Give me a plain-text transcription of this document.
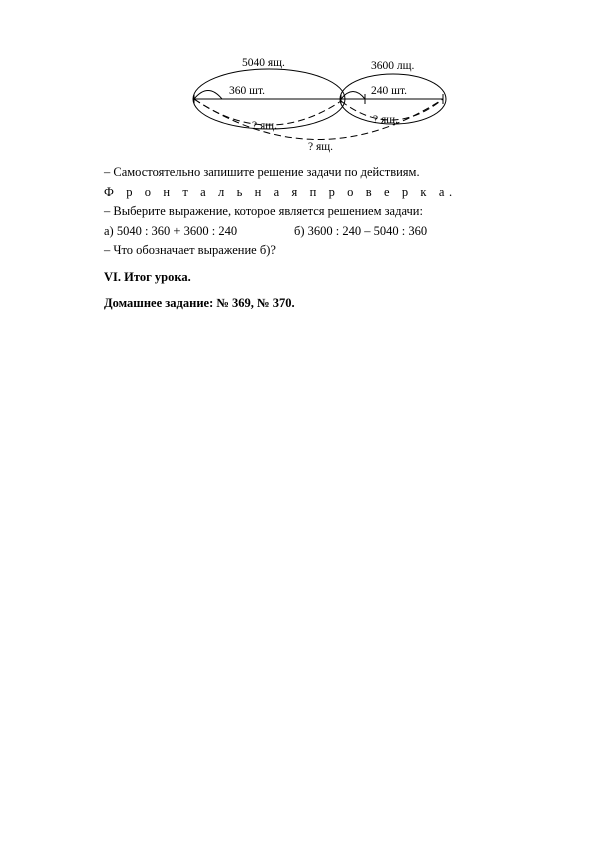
5040 ящ.	3600 лщ.
360 шт.	240 шт.
? ящ.	? ящ.
? ящ.
– Самостоятельно запишите решение задачи по действиям.
Ф р о н т а л ь н а я п р о в е р к а.
– Выберите выражение, которое является решением задачи:
а) 5040 : 360 + 3600 : 240	б) 3600 : 240 – 5040 : 360
– Что обозначает выражение б)?
VI. Итог урока.
Домашнее задание: № 369, № 370.
